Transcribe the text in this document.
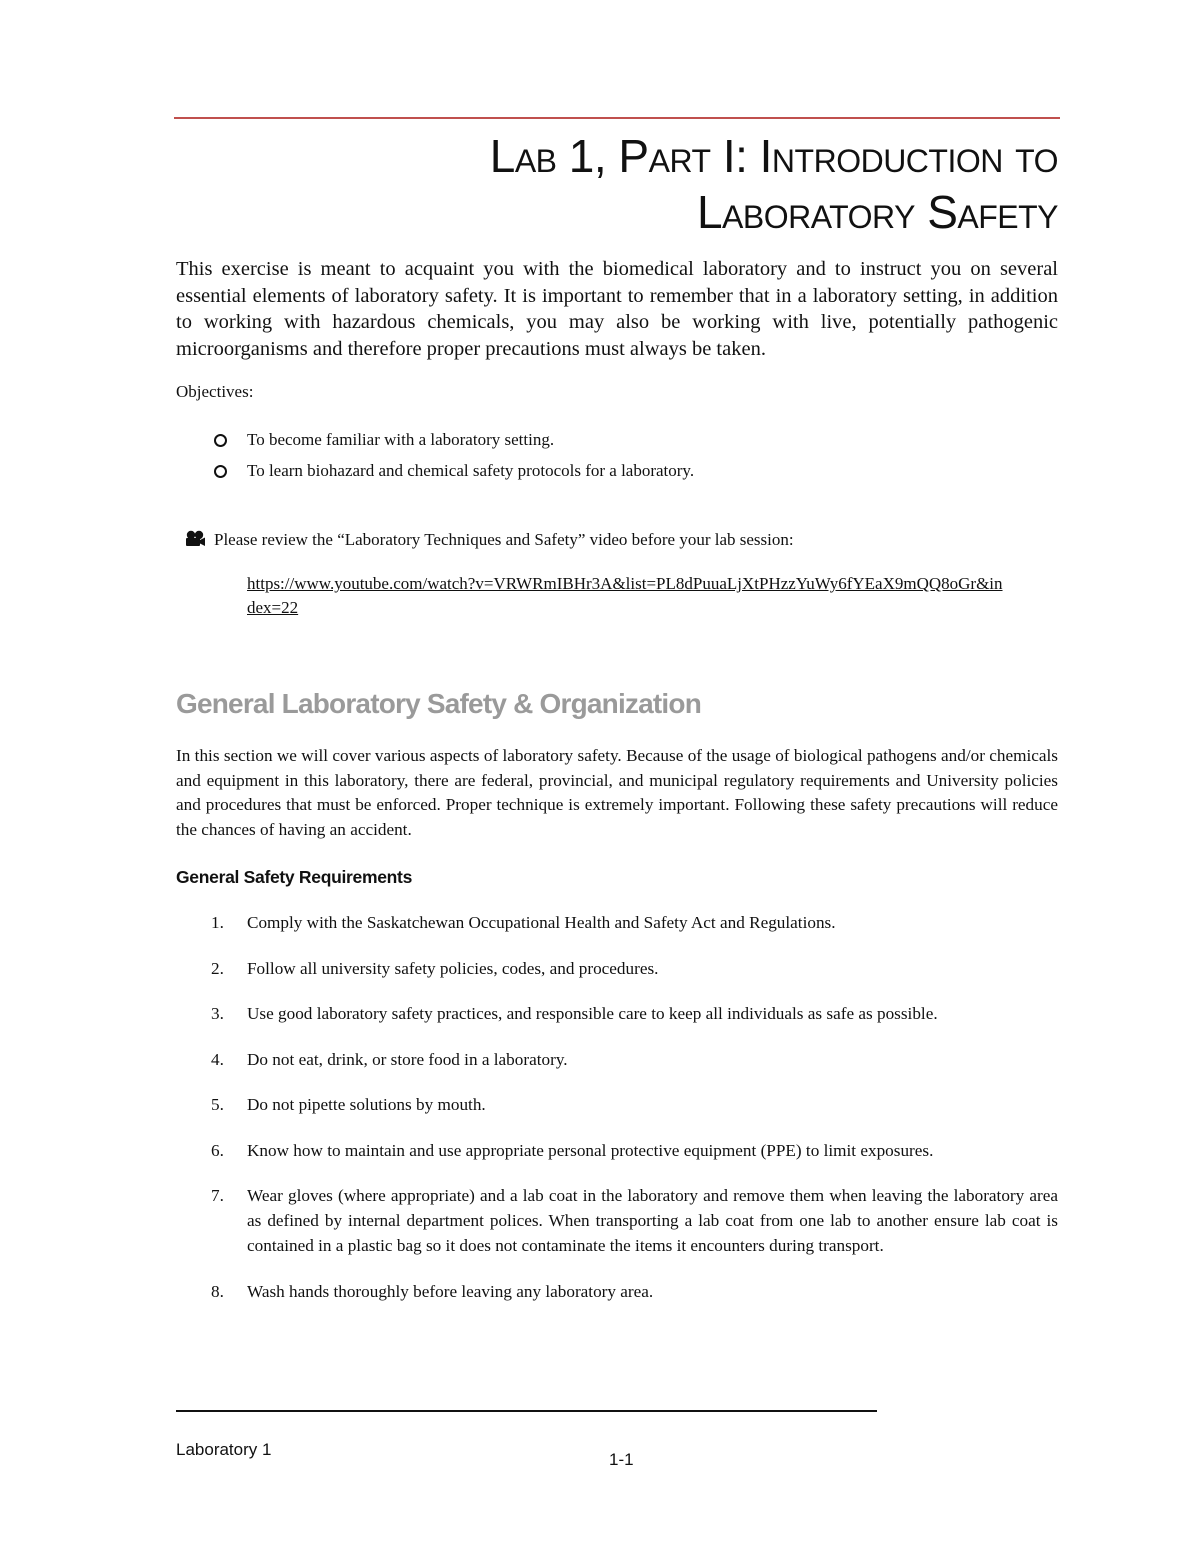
Lab 1, Part I: Introduction to
Laboratory Safety

This exercise is meant to acquaint you with the biomedical laboratory and to instruct you on several essential elements of laboratory safety. It is important to remember that in a laboratory setting, in addition to working with hazardous chemicals, you may also be working with live, potentially pathogenic microorganisms and therefore proper precautions must always be taken.

Objectives:

To become familiar with a laboratory setting.
To learn biohazard and chemical safety protocols for a laboratory.
Please review the “Laboratory Techniques and Safety” video before your lab session:
https://www.youtube.com/watch?v=VRWRmIBHr3A&list=PL8dPuuaLjXtPHzzYuWy6fYEaX9mQQ8oGr&index=22
General Laboratory Safety & Organization

In this section we will cover various aspects of laboratory safety. Because of the usage of biological pathogens and/or chemicals and equipment in this laboratory, there are federal, provincial, and municipal regulatory requirements and University policies and procedures that must be enforced. Proper technique is extremely important. Following these safety precautions will reduce the chances of having an accident.

General Safety Requirements
1. Comply with the Saskatchewan Occupational Health and Safety Act and Regulations.
2. Follow all university safety policies, codes, and procedures.
3. Use good laboratory safety practices, and responsible care to keep all individuals as safe as possible.
4. Do not eat, drink, or store food in a laboratory.
5. Do not pipette solutions by mouth.
6. Know how to maintain and use appropriate personal protective equipment (PPE) to limit exposures.
7. Wear gloves (where appropriate) and a lab coat in the laboratory and remove them when leaving the laboratory area as defined by internal department polices. When transporting a lab coat from one lab to another ensure lab coat is contained in a plastic bag so it does not contaminate the items it encounters during transport.
8. Wash hands thoroughly before leaving any laboratory area.
Laboratory 1
1-1
